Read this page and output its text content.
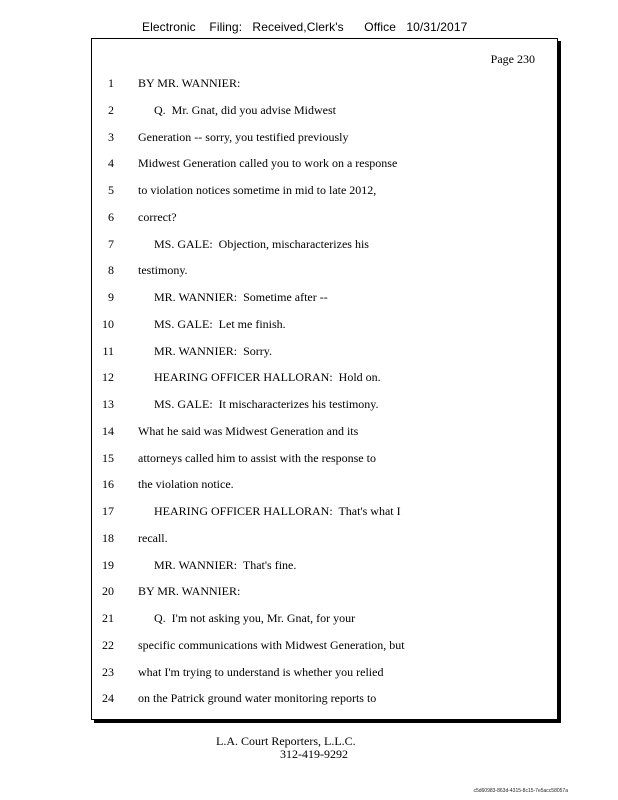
Electronic    Filing:   Received,Clerk's      Office   10/31/2017
Page 230
1 BY MR. WANNIER:
2	Q.  Mr. Gnat, did you advise Midwest
3 Generation -- sorry, you testified previously
4 Midwest Generation called you to work on a response
5 to violation notices sometime in mid to late 2012,
6 correct?
7	MS. GALE:  Objection, mischaracterizes his
8 testimony.
9	MR. WANNIER:  Sometime after --
10	MS. GALE:  Let me finish.
11	MR. WANNIER:  Sorry.
12	HEARING OFFICER HALLORAN:  Hold on.
13	MS. GALE:  It mischaracterizes his testimony.
14 What he said was Midwest Generation and its
15 attorneys called him to assist with the response to
16 the violation notice.
17	HEARING OFFICER HALLORAN:  That's what I
18 recall.
19	MR. WANNIER:  That's fine.
20 BY MR. WANNIER:
21	Q.  I'm not asking you, Mr. Gnat, for your
22 specific communications with Midwest Generation, but
23 what I'm trying to understand is whether you relied
24 on the Patrick ground water monitoring reports to
L.A. Court Reporters, L.L.C.
312-419-9292
c5d60983-863d-4315-8c15-7e5acc58057a
